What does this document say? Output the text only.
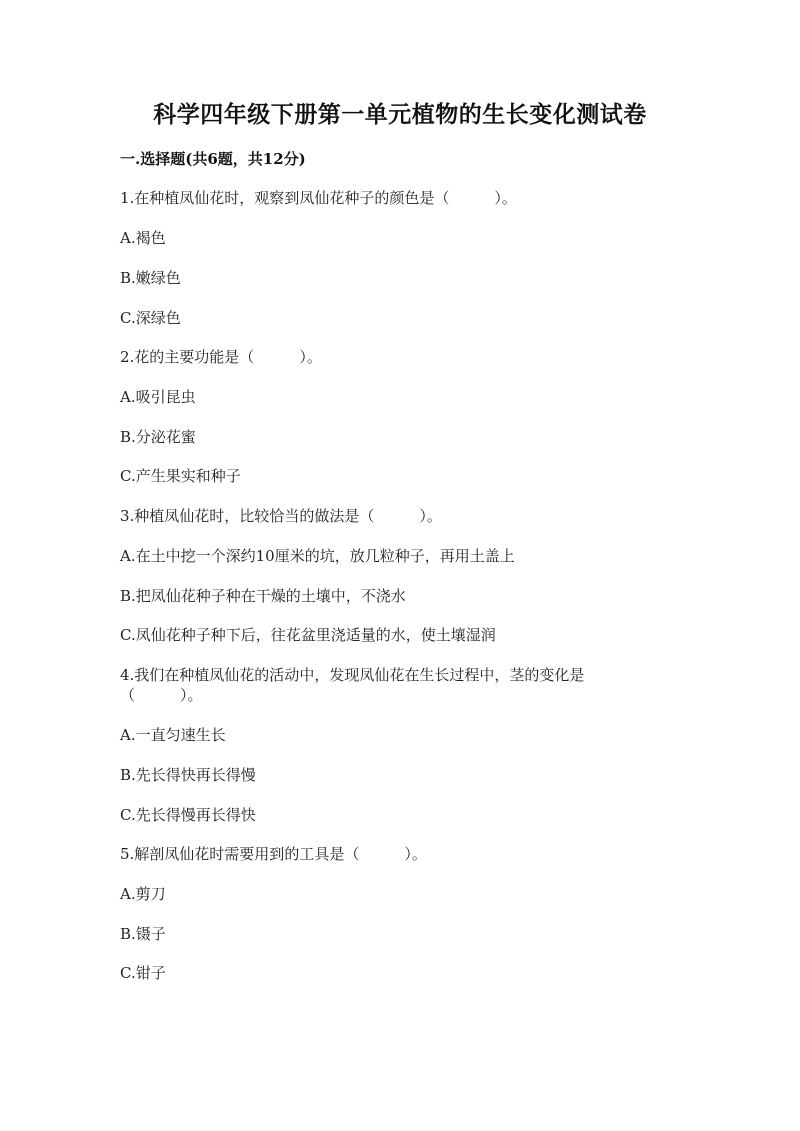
科学四年级下册第一单元植物的生长变化测试卷
一.选择题(共6题，共12分)
1.在种植凤仙花时，观察到凤仙花种子的颜色是（　　　）。
A.褐色
B.嫩绿色
C.深绿色
2.花的主要功能是（　　　）。
A.吸引昆虫
B.分泌花蜜
C.产生果实和种子
3.种植凤仙花时，比较恰当的做法是（　　　）。
A.在土中挖一个深约10厘米的坑，放几粒种子，再用土盖上
B.把凤仙花种子种在干燥的土壤中，不浇水
C.凤仙花种子种下后，往花盆里浇适量的水，使土壤湿润
4.我们在种植凤仙花的活动中，发现凤仙花在生长过程中，茎的变化是（　　　）。
A.一直匀速生长
B.先长得快再长得慢
C.先长得慢再长得快
5.解剖凤仙花时需要用到的工具是（　　　）。
A.剪刀
B.镊子
C.钳子
